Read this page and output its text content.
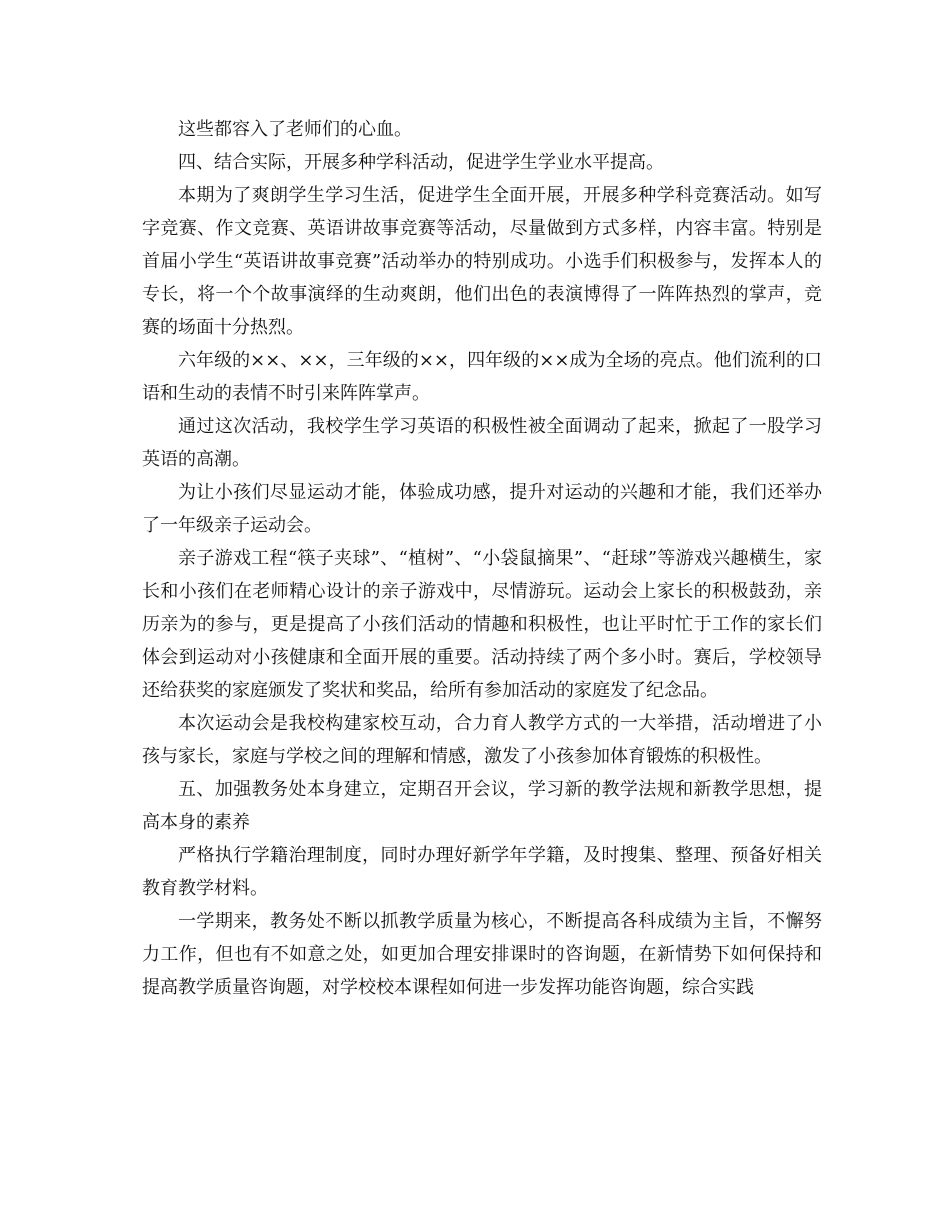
这些都容入了老师们的心血。

四、结合实际，开展多种学科活动，促进学生学业水平提高。

本期为了爽朗学生学习生活，促进学生全面开展，开展多种学科竞赛活动。如写字竞赛、作文竞赛、英语讲故事竞赛等活动，尽量做到方式多样，内容丰富。特别是首届小学生“英语讲故事竞赛”活动举办的特别成功。小选手们积极参与，发挥本人的专长，将一个个故事演绎的生动爽朗，他们出色的表演博得了一阵阵热烈的掌声，竞赛的场面十分热烈。

六年级的××、××，三年级的××，四年级的××成为全场的亮点。他们流利的口语和生动的表情不时引来阵阵掌声。

通过这次活动，我校学生学习英语的积极性被全面调动了起来，掀起了一股学习英语的高潮。

为让小孩们尽显运动才能，体验成功感，提升对运动的兴趣和才能，我们还举办了一年级亲子运动会。

亲子游戏工程“筷子夹球”、“植树”、“小袋鼠摘果”、“赶球”等游戏兴趣横生，家长和小孩们在老师精心设计的亲子游戏中，尽情游玩。运动会上家长的积极鼓劲，亲历亲为的参与，更是提高了小孩们活动的情趣和积极性，也让平时忙于工作的家长们体会到运动对小孩健康和全面开展的重要。活动持续了两个多小时。赛后，学校领导还给获奖的家庭颁发了奖状和奖品，给所有参加活动的家庭发了纪念品。

本次运动会是我校构建家校互动，合力育人教学方式的一大举措，活动增进了小孩与家长，家庭与学校之间的理解和情感，激发了小孩参加体育锻炼的积极性。

五、加强教务处本身建立，定期召开会议，学习新的教学法规和新教学思想，提高本身的素养

严格执行学籍治理制度，同时办理好新学年学籍，及时搜集、整理、预备好相关教育教学材料。

一学期来，教务处不断以抓教学质量为核心，不断提高各科成绩为主旨，不懈努力工作，但也有不如意之处，如更加合理安排课时的咨询题，在新情势下如何保持和提高教学质量咨询题，对学校校本课程如何进一步发挥功能咨询题，综合实践
